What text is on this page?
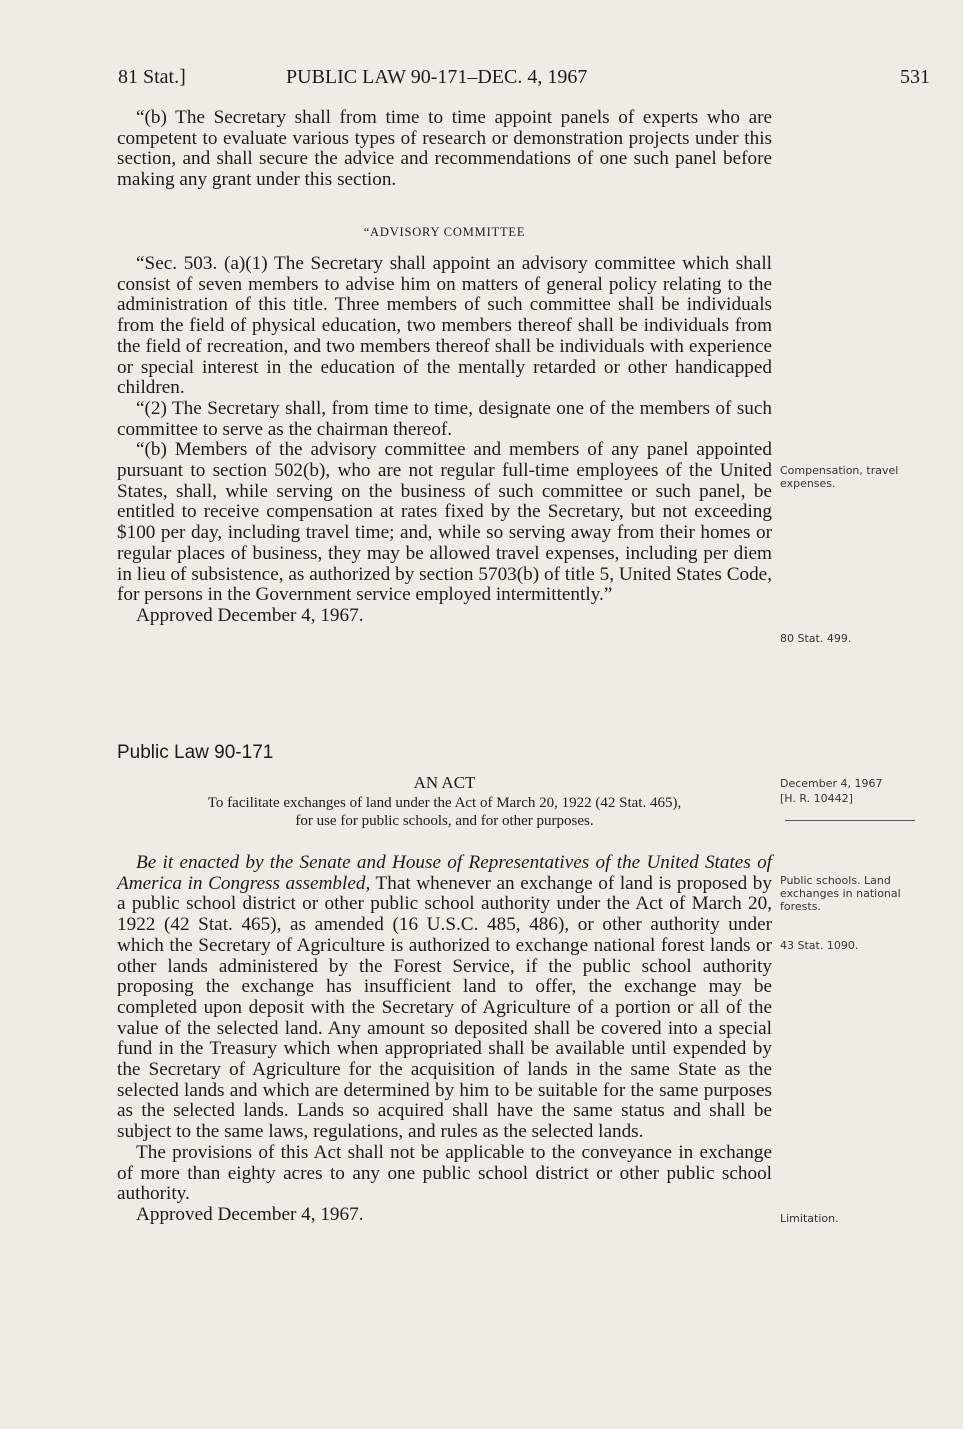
81 Stat.]	PUBLIC LAW 90-171–DEC. 4, 1967	531

“(b) The Secretary shall from time to time appoint panels of experts who are competent to evaluate various types of research or demonstration projects under this section, and shall secure the advice and recommendations of one such panel before making any grant under this section.

“ADVISORY COMMITTEE

“Sec. 503. (a)(1) The Secretary shall appoint an advisory committee which shall consist of seven members to advise him on matters of general policy relating to the administration of this title. Three members of such committee shall be individuals from the field of physical education, two members thereof shall be individuals from the field of recreation, and two members thereof shall be individuals with experience or special interest in the education of the mentally retarded or other handicapped children.

“(2) The Secretary shall, from time to time, designate one of the members of such committee to serve as the chairman thereof.

“(b) Members of the advisory committee and members of any panel appointed pursuant to section 502(b), who are not regular full-time employees of the United States, shall, while serving on the business of such committee or such panel, be entitled to receive compensation at rates fixed by the Secretary, but not exceeding $100 per day, including travel time; and, while so serving away from their homes or regular places of business, they may be allowed travel expenses, including per diem in lieu of subsistence, as authorized by section 5703(b) of title 5, United States Code, for persons in the Government service employed intermittently.”

Approved December 4, 1967.

Public Law 90-171
AN ACT
To facilitate exchanges of land under the Act of March 20, 1922 (42 Stat. 465),
for use for public schools, and for other purposes.

Be it enacted by the Senate and House of Representatives of the United States of America in Congress assembled, That whenever an exchange of land is proposed by a public school district or other public school authority under the Act of March 20, 1922 (42 Stat. 465), as amended (16 U.S.C. 485, 486), or other authority under which the Secretary of Agriculture is authorized to exchange national forest lands or other lands administered by the Forest Service, if the public school authority proposing the exchange has insufficient land to offer, the exchange may be completed upon deposit with the Secretary of Agriculture of a portion or all of the value of the selected land. Any amount so deposited shall be covered into a special fund in the Treasury which when appropriated shall be available until expended by the Secretary of Agriculture for the acquisition of lands in the same State as the selected lands and which are determined by him to be suitable for the same purposes as the selected lands. Lands so acquired shall have the same status and shall be subject to the same laws, regulations, and rules as the selected lands.

The provisions of this Act shall not be applicable to the conveyance in exchange of more than eighty acres to any one public school district or other public school authority.

Approved December 4, 1967.

Compensation, travel expenses.
80 Stat. 499.
December 4, 1967
[H. R. 10442]
Public schools. Land exchanges in national forests.
43 Stat. 1090.
Limitation.
